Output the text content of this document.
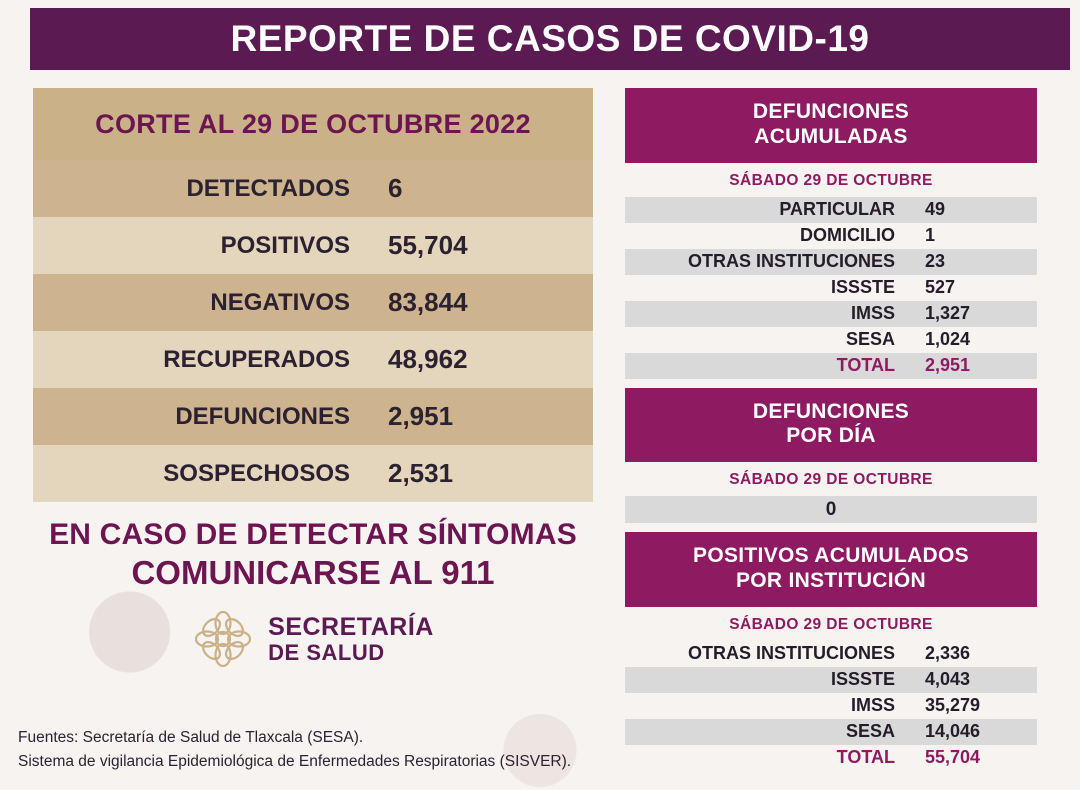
REPORTE DE CASOS DE COVID-19
CORTE AL 29 DE OCTUBRE 2022
DETECTADOS	6
POSITIVOS	55,704
NEGATIVOS	83,844
RECUPERADOS	48,962
DEFUNCIONES	2,951
SOSPECHOSOS	2,531
EN CASO DE DETECTAR SÍNTOMAS
COMUNICARSE AL 911
SECRETARÍA
DE SALUD
Fuentes: Secretaría de Salud de Tlaxcala (SESA).
Sistema de vigilancia Epidemiológica de Enfermedades Respiratorias (SISVER).
DEFUNCIONES
ACUMULADAS
SÁBADO 29 DE OCTUBRE
PARTICULAR	49
DOMICILIO	1
OTRAS INSTITUCIONES	23
ISSSTE	527
IMSS	1,327
SESA	1,024
TOTAL	2,951
DEFUNCIONES
POR DÍA
SÁBADO 29 DE OCTUBRE
0
POSITIVOS ACUMULADOS
POR INSTITUCIÓN
SÁBADO 29 DE OCTUBRE
OTRAS INSTITUCIONES	2,336
ISSSTE	4,043
IMSS	35,279
SESA	14,046
TOTAL	55,704
